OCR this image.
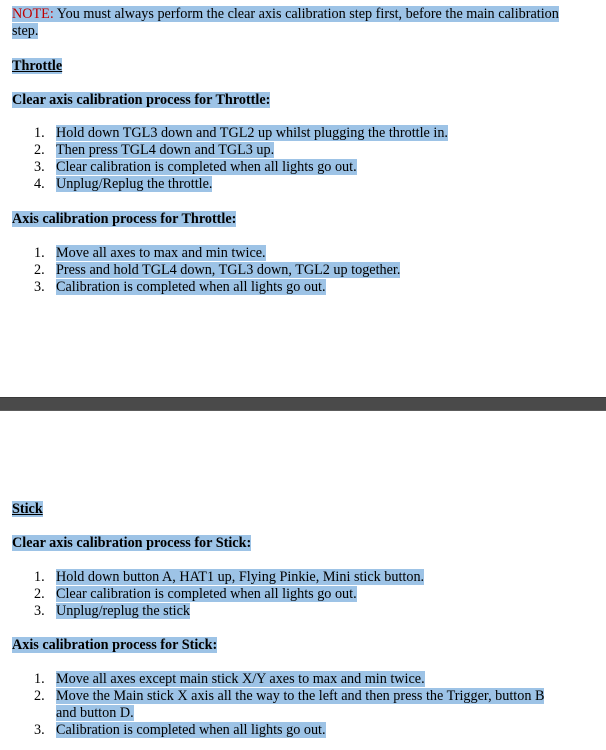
NOTE: You must always perform the clear axis calibration step first, before the main calibration
step.
Throttle
Clear axis calibration process for Throttle:
1. Hold down TGL3 down and TGL2 up whilst plugging the throttle in.
2. Then press TGL4 down and TGL3 up.
3. Clear calibration is completed when all lights go out.
4. Unplug/Replug the throttle.
Axis calibration process for Throttle:
1. Move all axes to max and min twice.
2. Press and hold TGL4 down, TGL3 down, TGL2 up together.
3. Calibration is completed when all lights go out.
Stick
Clear axis calibration process for Stick:
1. Hold down button A, HAT1 up, Flying Pinkie, Mini stick button.
2. Clear calibration is completed when all lights go out.
3. Unplug/replug the stick
Axis calibration process for Stick:
1. Move all axes except main stick X/Y axes to max and min twice.
2. Move the Main stick X axis all the way to the left and then press the Trigger, button B
and button D.
3. Calibration is completed when all lights go out.
